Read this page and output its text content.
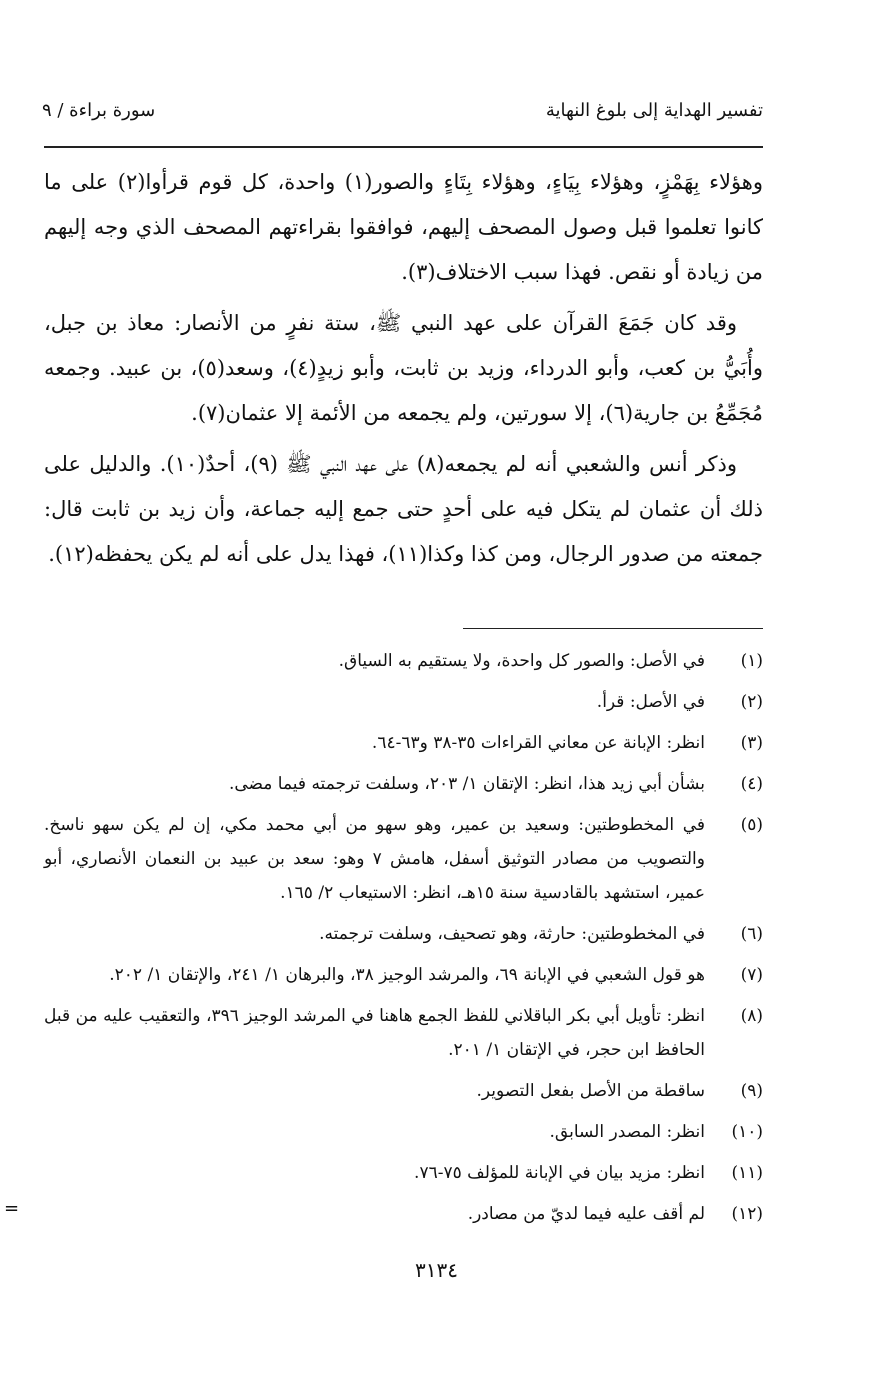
تفسير الهداية إلى بلوغ النهاية
سورة براءة / ٩

وهؤلاء بِهَمْزٍ، وهؤلاء بِيَاءٍ، وهؤلاء بِتَاءٍ والصور(١) واحدة، كل قوم قرأوا(٢) على ما كانوا تعلموا قبل وصول المصحف إليهم، فوافقوا بقراءتهم المصحف الذي وجه إليهم من زيادة أو نقص. فهذا سبب الاختلاف(٣).

وقد كان جَمَعَ القرآن على عهد النبي ﷺ، ستة نفرٍ من الأنصار: معاذ بن جبل، وأُبَيُّ بن كعب، وأبو الدرداء، وزيد بن ثابت، وأبو زيدٍ(٤)، وسعد(٥)، بن عبيد. وجمعه مُجَمِّعُ بن جارية(٦)، إلا سورتين، ولم يجمعه من الأئمة إلا عثمان(٧).

وذكر أنس والشعبي أنه لم يجمعه(٨) على عهد النبي ﷺ (٩)، أحدٌ(١٠). والدليل على ذلك أن عثمان لم يتكل فيه على أحدٍ حتى جمع إليه جماعة، وأن زيد بن ثابت قال: جمعته من صدور الرجال، ومن كذا وكذا(١١)، فهذا يدل على أنه لم يكن يحفظه(١٢).

(١)
في الأصل: والصور كل واحدة، ولا يستقيم به السياق.
(٢)
في الأصل: قرأ.
(٣)
انظر: الإبانة عن معاني القراءات ٣٥-٣٨ و٦٣-٦٤.
(٤)
بشأن أبي زيد هذا، انظر: الإتقان ١/ ٢٠٣، وسلفت ترجمته فيما مضى.
(٥)
في المخطوطتين: وسعيد بن عمير، وهو سهو من أبي محمد مكي، إن لم يكن سهو ناسخ. والتصويب من مصادر التوثيق أسفل، هامش ٧ وهو: سعد بن عبيد بن النعمان الأنصاري، أبو عمير، استشهد بالقادسية سنة ١٥هـ، انظر: الاستيعاب ٢/ ١٦٥.
(٦)
في المخطوطتين: حارثة، وهو تصحيف، وسلفت ترجمته.
(٧)
هو قول الشعبي في الإبانة ٦٩، والمرشد الوجيز ٣٨، والبرهان ١/ ٢٤١، والإتقان ١/ ٢٠٢.
(٨)
انظر: تأويل أبي بكر الباقلاني للفظ الجمع هاهنا في المرشد الوجيز ٣٩٦، والتعقيب عليه من قبل الحافظ ابن حجر، في الإتقان ١/ ٢٠١.
(٩)
ساقطة من الأصل بفعل التصوير.
(١٠)
انظر: المصدر السابق.
(١١)
انظر: مزيد بيان في الإبانة للمؤلف ٧٥-٧٦.
(١٢)
لم أقف عليه فيما لديّ من مصادر.
=
٣١٣٤
